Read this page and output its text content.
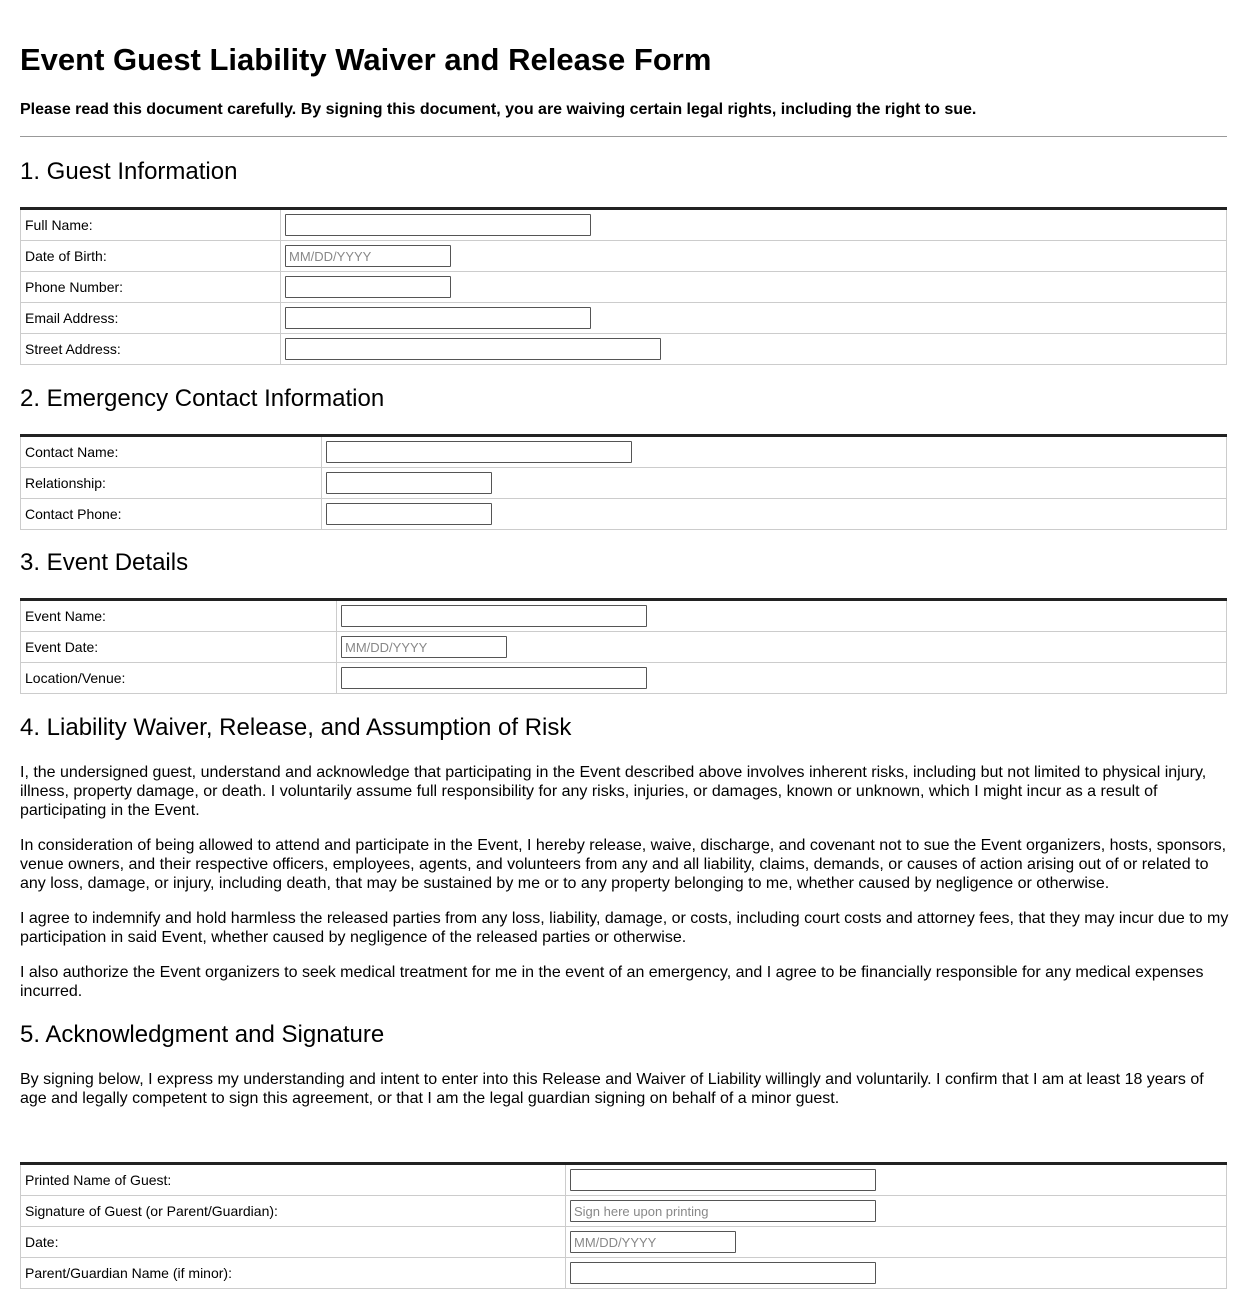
Event Guest Liability Waiver and Release Form
Please read this document carefully. By signing this document, you are waiving certain legal rights, including the right to sue.
1. Guest Information
Full Name:	
Date of Birth:	MM/DD/YYYY
Phone Number:	
Email Address:	
Street Address:	
2. Emergency Contact Information
Contact Name:	
Relationship:	
Contact Phone:	
3. Event Details
Event Name:	
Event Date:	MM/DD/YYYY
Location/Venue:	
4. Liability Waiver, Release, and Assumption of Risk

I, the undersigned guest, understand and acknowledge that participating in the Event described above involves inherent risks, including but not limited to physical injury, illness, property damage, or death. I voluntarily assume full responsibility for any risks, injuries, or damages, known or unknown, which I might incur as a result of participating in the Event.

In consideration of being allowed to attend and participate in the Event, I hereby release, waive, discharge, and covenant not to sue the Event organizers, hosts, sponsors, venue owners, and their respective officers, employees, agents, and volunteers from any and all liability, claims, demands, or causes of action arising out of or related to any loss, damage, or injury, including death, that may be sustained by me or to any property belonging to me, whether caused by negligence or otherwise.

I agree to indemnify and hold harmless the released parties from any loss, liability, damage, or costs, including court costs and attorney fees, that they may incur due to my participation in said Event, whether caused by negligence of the released parties or otherwise.

I also authorize the Event organizers to seek medical treatment for me in the event of an emergency, and I agree to be financially responsible for any medical expenses incurred.

5. Acknowledgment and Signature

By signing below, I express my understanding and intent to enter into this Release and Waiver of Liability willingly and voluntarily. I confirm that I am at least 18 years of age and legally competent to sign this agreement, or that I am the legal guardian signing on behalf of a minor guest.

Printed Name of Guest:	
Signature of Guest (or Parent/Guardian):	Sign here upon printing
Date:	MM/DD/YYYY
Parent/Guardian Name (if minor):	
